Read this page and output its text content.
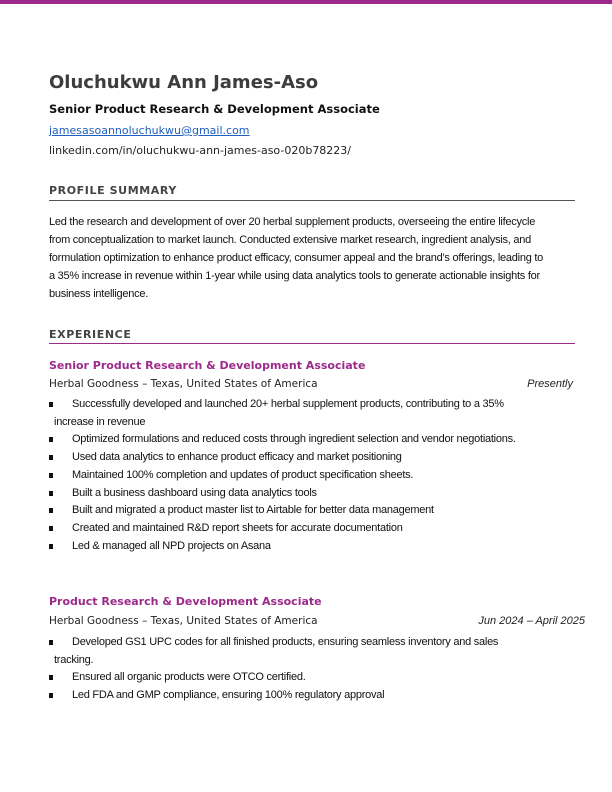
Oluchukwu Ann James-Aso
Senior Product Research & Development Associate
jamesasoannoluchukwu@gmail.com
linkedin.com/in/oluchukwu-ann-james-aso-020b78223/
PROFILE SUMMARY
Led the research and development of over 20 herbal supplement products, overseeing the entire lifecycle from conceptualization to market launch. Conducted extensive market research, ingredient analysis, and formulation optimization to enhance product efficacy, consumer appeal and the brand’s offerings, leading to a 35% increase in revenue within 1-year while using data analytics tools to generate actionable insights for business intelligence.
EXPERIENCE
Senior Product Research & Development Associate
Herbal Goodness – Texas, United States of America	Presently
Successfully developed and launched 20+ herbal supplement products, contributing to a 35% increase in revenue
Optimized formulations and reduced costs through ingredient selection and vendor negotiations.
Used data analytics to enhance product efficacy and market positioning
Maintained 100% completion and updates of product specification sheets.
Built a business dashboard using data analytics tools
Built and migrated a product master list to Airtable for better data management
Created and maintained R&D report sheets for accurate documentation
Led & managed all NPD projects on Asana
Product Research & Development Associate
Herbal Goodness – Texas, United States of America	Jun 2024 – April 2025
Developed GS1 UPC codes for all finished products, ensuring seamless inventory and sales tracking.
Ensured all organic products were OTCO certified.
Led FDA and GMP compliance, ensuring 100% regulatory approval
